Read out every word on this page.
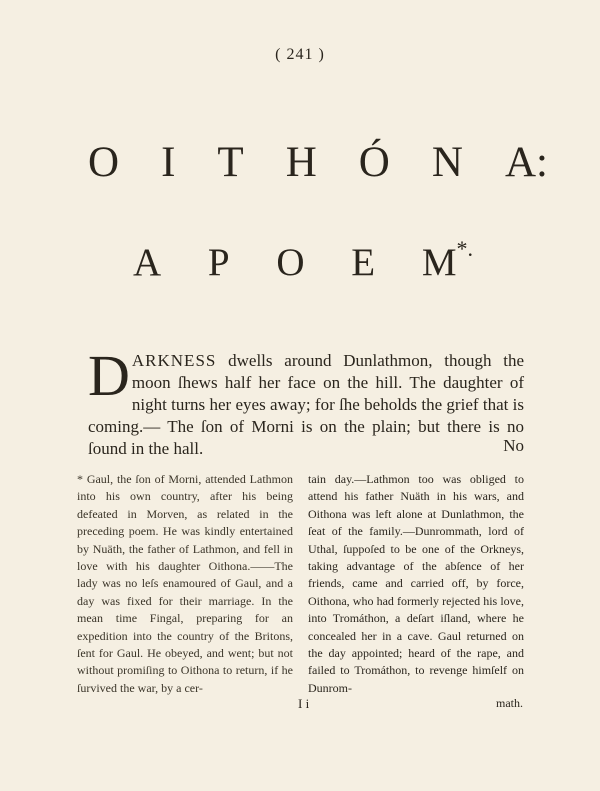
( 241 )
O I T H Ó N A:
A P O E M*.
DARKNESS dwells around Dunlathmon, though the moon ſhews half her face on the hill. The daughter of night turns her eyes away; for ſhe beholds the grief that is coming.— The ſon of Morni is on the plain; but there is no ſound in the hall.	No
* Gaul, the ſon of Morni, attended Lathmon into his own country, after his being defeated in Morven, as related in the preceding poem. He was kindly entertained by Nuäth, the father of Lathmon, and fell in love with his daughter Oithona.——The lady was no leſs enamoured of Gaul, and a day was fixed for their marriage. In the mean time Fingal, preparing for an expedition into the country of the Britons, ſent for Gaul. He obeyed, and went; but not without promiſing to Oithona to return, if he ſurvived the war, by a cer-
tain day.—Lathmon too was obliged to attend his father Nuäth in his wars, and Oithona was left alone at Dunlathmon, the ſeat of the family.—Dunrommath, lord of Uthal, ſuppoſed to be one of the Orkneys, taking advantage of the abſence of her friends, came and carried off, by force, Oithona, who had formerly rejected his love, into Tromáthon, a deſart iſland, where he concealed her in a cave. Gaul returned on the day appointed; heard of the rape, and failed to Tromáthon, to revenge himſelf on Dunrom-
I i	math.
